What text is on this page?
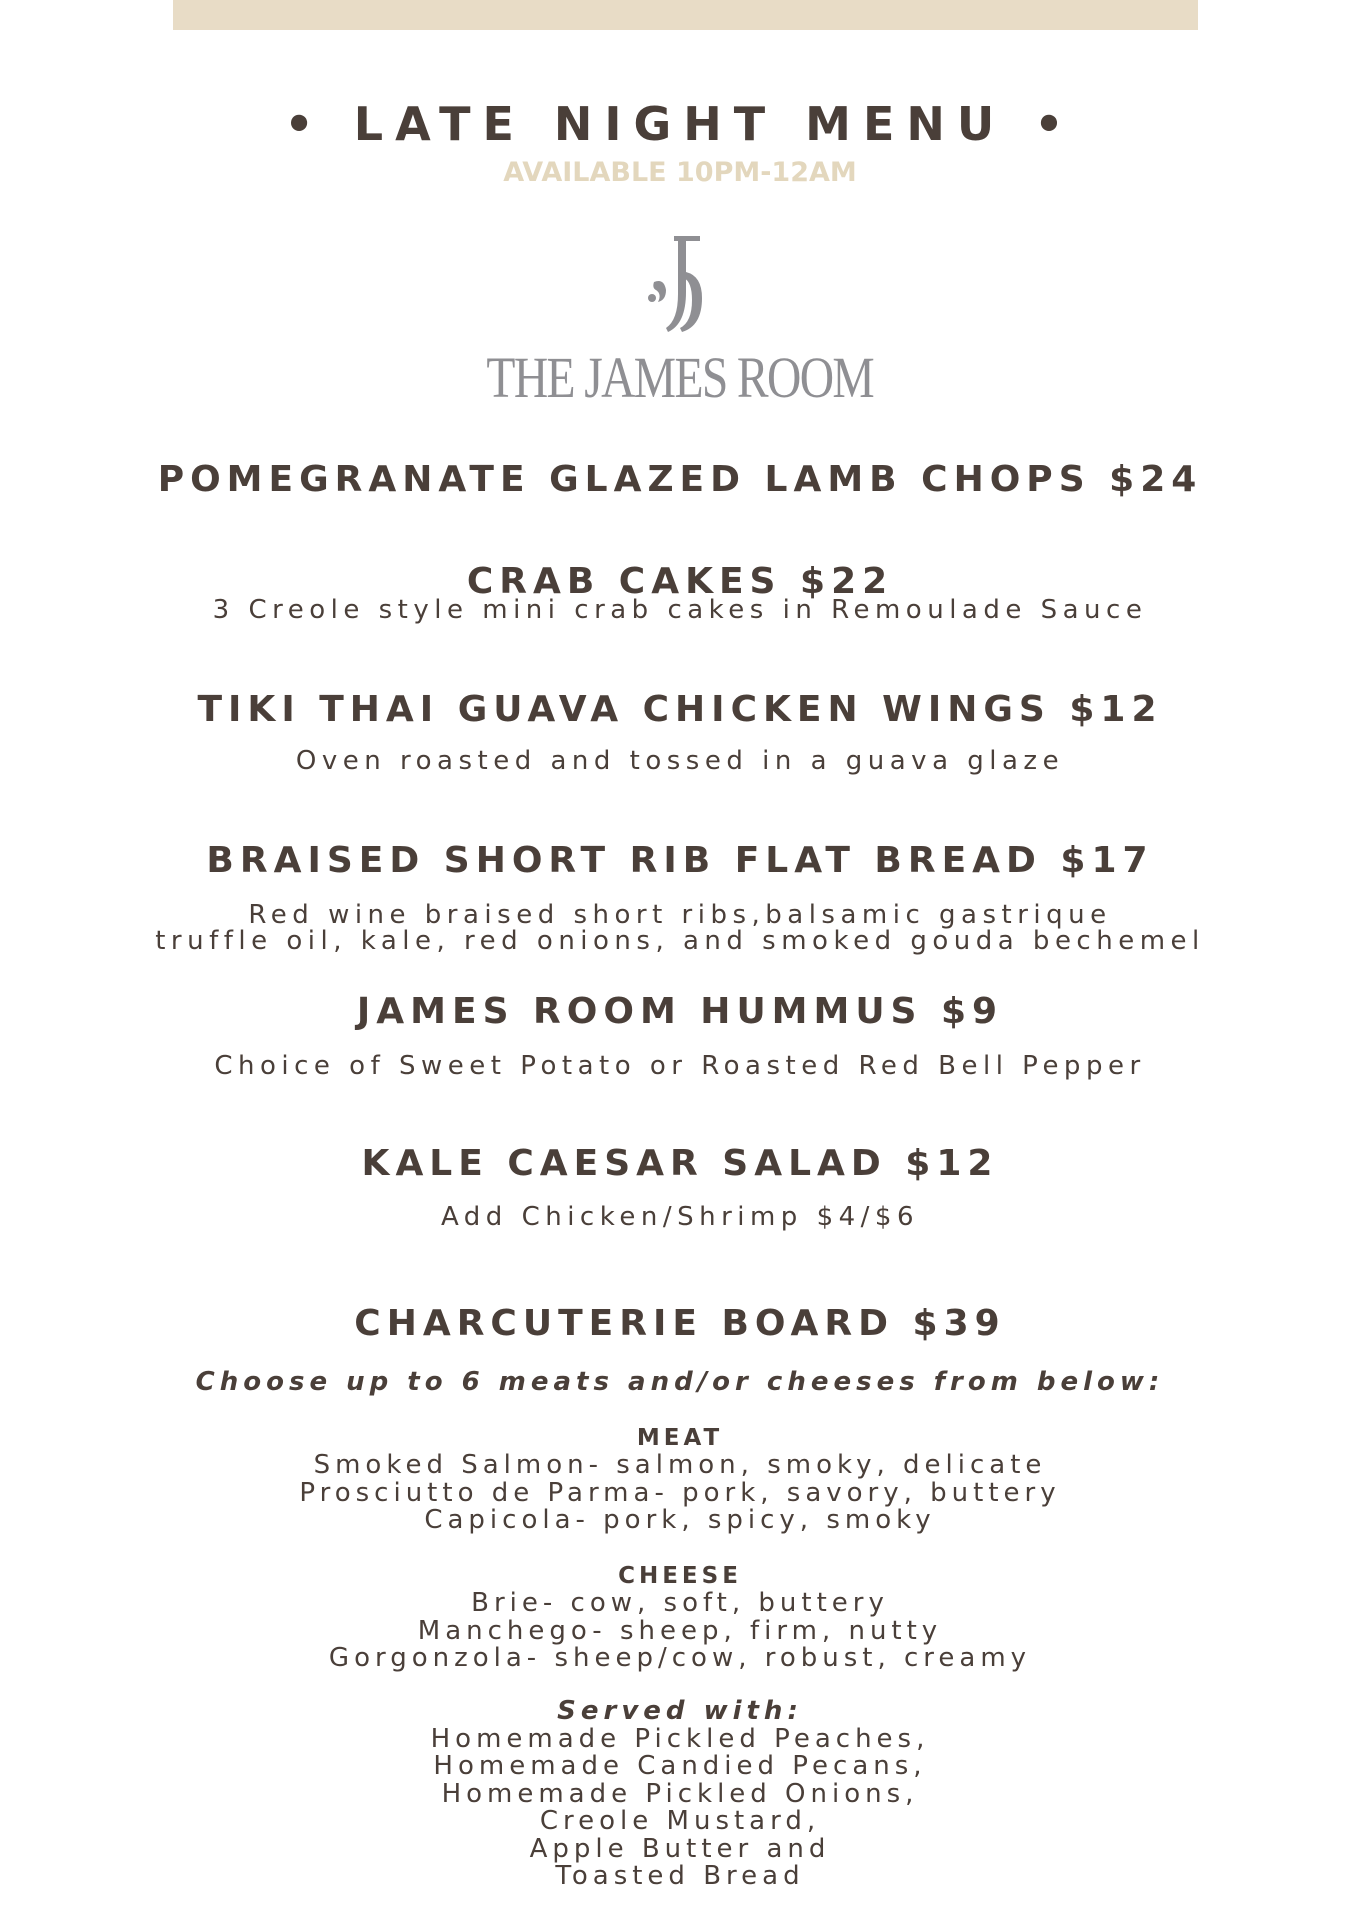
• LATE NIGHT MENU •
AVAILABLE 10PM-12AM
THE JAMES ROOM
POMEGRANATE GLAZED LAMB CHOPS $24
CRAB CAKES $22
3 Creole style mini crab cakes in Remoulade Sauce
TIKI THAI GUAVA CHICKEN WINGS $12
Oven roasted and tossed in a guava glaze
BRAISED SHORT RIB FLAT BREAD $17
Red wine braised short ribs,balsamic gastrique
truffle oil, kale, red onions, and smoked gouda bechemel
JAMES ROOM HUMMUS $9
Choice of Sweet Potato or Roasted Red Bell Pepper
KALE CAESAR SALAD $12
Add Chicken/Shrimp $4/$6
CHARCUTERIE BOARD $39
Choose up to 6 meats and/or cheeses from below:
MEAT
Smoked Salmon- salmon, smoky, delicate
Prosciutto de Parma- pork, savory, buttery
Capicola- pork, spicy, smoky
CHEESE
Brie- cow, soft, buttery
Manchego- sheep, firm, nutty
Gorgonzola- sheep/cow, robust, creamy
Served with:
Homemade Pickled Peaches,
Homemade Candied Pecans,
Homemade Pickled Onions,
Creole Mustard,
Apple Butter and
Toasted Bread
